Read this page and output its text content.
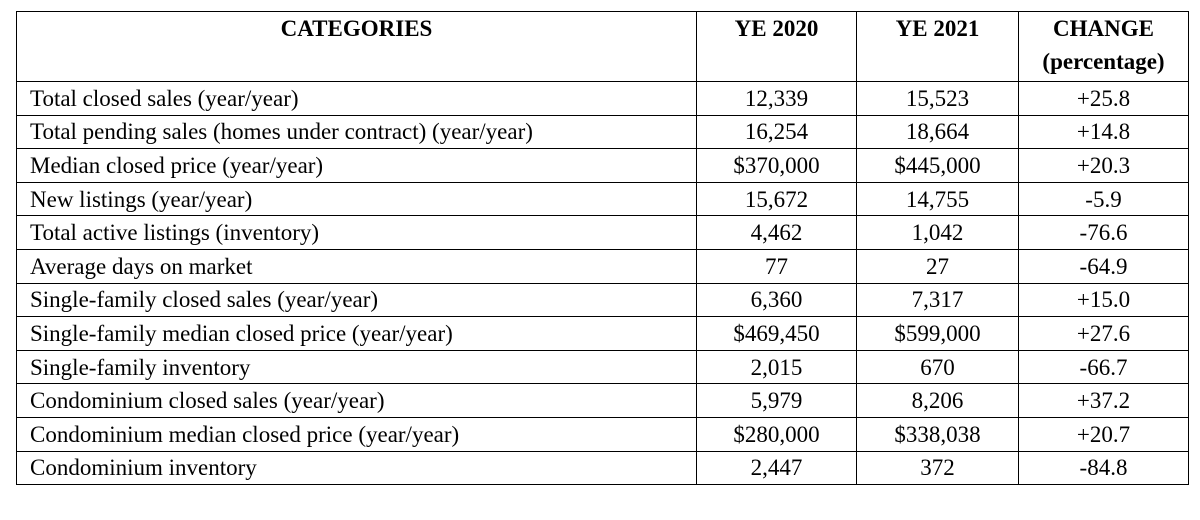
CATEGORIES	YE 2020	YE 2021	CHANGE
(percentage)

Total closed sales (year/year)	12,339	15,523	+25.8
Total pending sales (homes under contract) (year/year)	16,254	18,664	+14.8
Median closed price (year/year)	$370,000	$445,000	+20.3
New listings (year/year)	15,672	14,755	-5.9
Total active listings (inventory)	4,462	1,042	-76.6
Average days on market	77	27	-64.9
Single-family closed sales (year/year)	6,360	7,317	+15.0
Single-family median closed price (year/year)	$469,450	$599,000	+27.6
Single-family inventory	2,015	670	-66.7
Condominium closed sales (year/year)	5,979	8,206	+37.2
Condominium median closed price (year/year)	$280,000	$338,038	+20.7
Condominium inventory	2,447	372	-84.8
